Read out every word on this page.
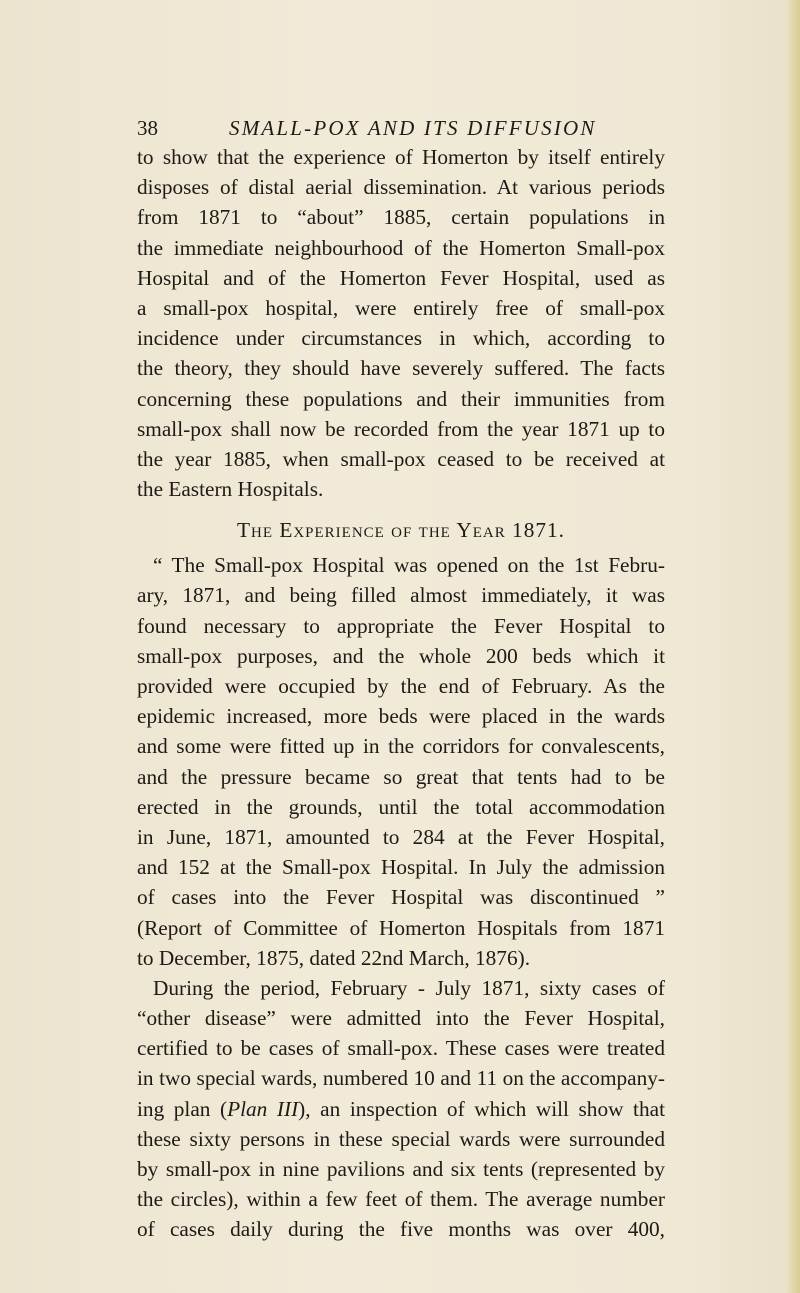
38	SMALL-POX AND ITS DIFFUSION
to show that the experience of Homerton by itself entirely
disposes of distal aerial dissemination. At various periods
from 1871 to “about” 1885, certain populations in
the immediate neighbourhood of the Homerton Small-pox
Hospital and of the Homerton Fever Hospital, used as
a small-pox hospital, were entirely free of small-pox
incidence under circumstances in which, according to
the theory, they should have severely suffered. The facts
concerning these populations and their immunities from
small-pox shall now be recorded from the year 1871 up to
the year 1885, when small-pox ceased to be received at
the Eastern Hospitals.
The Experience of the Year 1871.
“ The Small-pox Hospital was opened on the 1st Febru-
ary, 1871, and being filled almost immediately, it was
found necessary to appropriate the Fever Hospital to
small-pox purposes, and the whole 200 beds which it
provided were occupied by the end of February. As the
epidemic increased, more beds were placed in the wards
and some were fitted up in the corridors for convalescents,
and the pressure became so great that tents had to be
erected in the grounds, until the total accommodation
in June, 1871, amounted to 284 at the Fever Hospital,
and 152 at the Small-pox Hospital. In July the admission
of cases into the Fever Hospital was discontinued ”
(Report of Committee of Homerton Hospitals from 1871
to December, 1875, dated 22nd March, 1876).
During the period, February - July 1871, sixty cases of
“other disease” were admitted into the Fever Hospital,
certified to be cases of small-pox. These cases were treated
in two special wards, numbered 10 and 11 on the accompany-
ing plan (Plan III), an inspection of which will show that
these sixty persons in these special wards were surrounded
by small-pox in nine pavilions and six tents (represented by
the circles), within a few feet of them. The average number
of cases daily during the five months was over 400,
